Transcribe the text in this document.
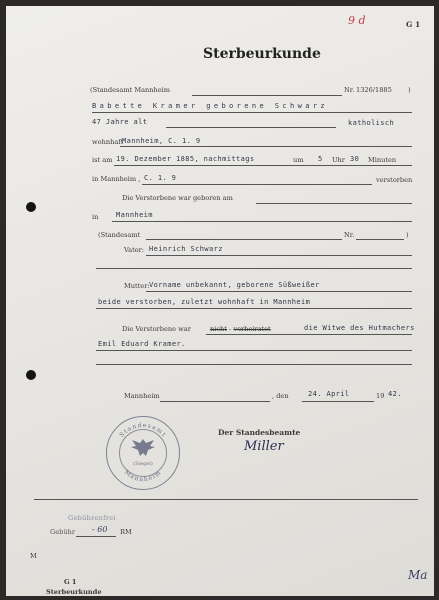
9 d	G 1
Sterbeurkunde
(Standesamt Mannheim	Nr. 1326/1885 )
Babette Kramer geborene Schwarz
47 Jahre alt	katholisch
wohnhaft
Mannheim, C. 1. 9
ist am 19. Dezember 1885, nachmittags	um 5 Uhr 30 Minuten
in Mannheim , C. 1. 9	verstorben
Die Verstorbene war geboren am
in	Mannheim
(Standesamt	Nr.	)
Vater: Heinrich Schwarz
Mutter: Vorname unbekannt, geborene Süßweißer
beide verstorben, zuletzt wohnhaft in Mannheim
Die Verstorbene war	nicht - verheiratet	die Witwe des Hutmachers
Emil Eduard Kramer.
Mannheim	, den	24. April	19 42.
Der Standesbeamte
Miller
Standesamt
Mannheim
(Siegel)
Gebührenfrei
Gebühr - 60 RM
M
G 1
Sterbeurkunde
Ma
